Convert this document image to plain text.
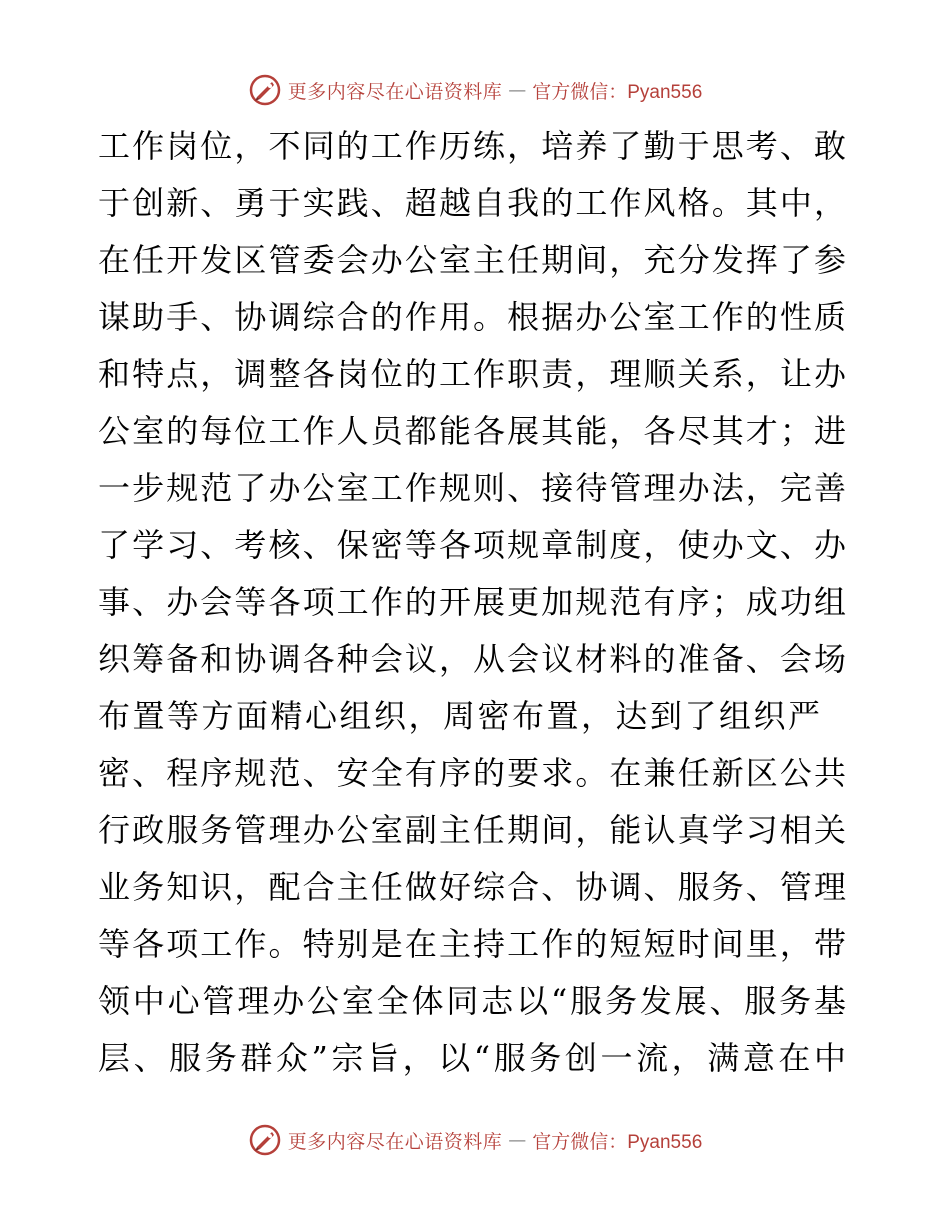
更多内容尽在心语资料库 — 官方微信：Pyan556
工作岗位，不同的工作历练，培养了勤于思考、敢
于创新、勇于实践、超越自我的工作风格。其中，
在任开发区管委会办公室主任期间，充分发挥了参
谋助手、协调综合的作用。根据办公室工作的性质
和特点，调整各岗位的工作职责，理顺关系，让办
公室的每位工作人员都能各展其能，各尽其才；进
一步规范了办公室工作规则、接待管理办法，完善
了学习、考核、保密等各项规章制度，使办文、办
事、办会等各项工作的开展更加规范有序；成功组
织筹备和协调各种会议，从会议材料的准备、会场
布置等方面精心组织，周密布置，达到了组织严
密、程序规范、安全有序的要求。在兼任新区公共
行政服务管理办公室副主任期间，能认真学习相关
业务知识，配合主任做好综合、协调、服务、管理
等各项工作。特别是在主持工作的短短时间里，带
领中心管理办公室全体同志以“服务发展、服务基
层、服务群众”宗旨，以“服务创一流，满意在中
更多内容尽在心语资料库 — 官方微信：Pyan556
